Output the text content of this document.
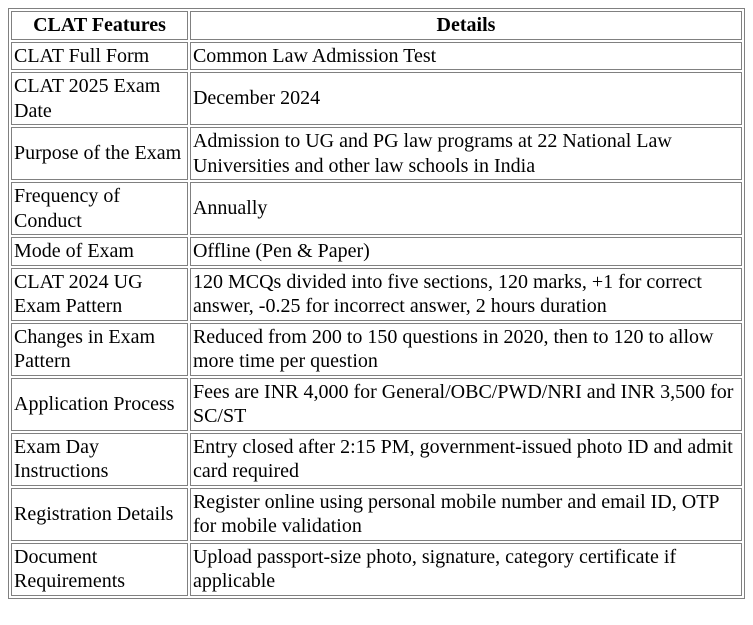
CLAT Features	Details
CLAT Full Form	Common Law Admission Test
CLAT 2025 Exam Date	December 2024
Purpose of the Exam	Admission to UG and PG law programs at 22 National Law Universities and other law schools in India
Frequency of Conduct	Annually
Mode of Exam	Offline (Pen & Paper)
CLAT 2024 UG Exam Pattern	120 MCQs divided into five sections, 120 marks, +1 for correct answer, -0.25 for incorrect answer, 2 hours duration
Changes in Exam Pattern	Reduced from 200 to 150 questions in 2020, then to 120 to allow more time per question
Application Process	Fees are INR 4,000 for General/OBC/PWD/NRI and INR 3,500 for SC/ST
Exam Day Instructions	Entry closed after 2:15 PM, government-issued photo ID and admit card required
Registration Details	Register online using personal mobile number and email ID, OTP for mobile validation
Document Requirements	Upload passport-size photo, signature, category certificate if applicable
